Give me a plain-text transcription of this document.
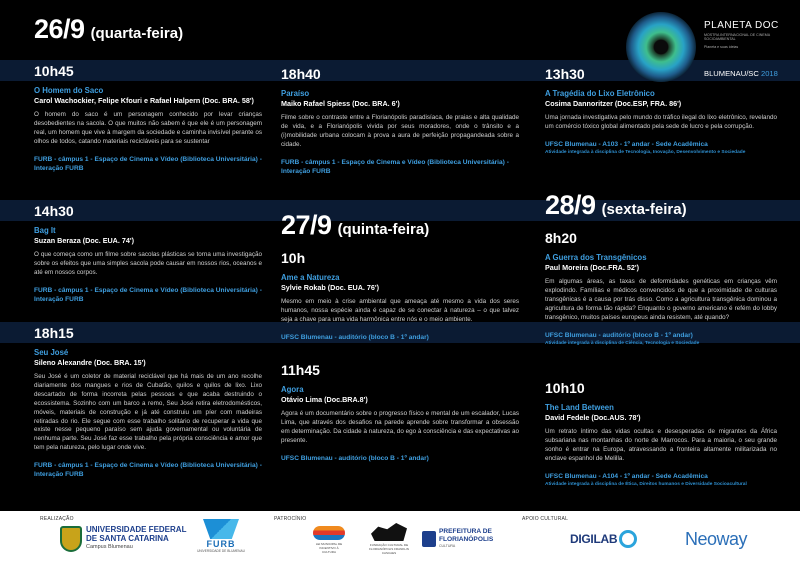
26/9 (quarta-feira)
27/9 (quinta-feira)
28/9 (sexta-feira)
10h45
O Homem do Saco
Carol Wachockier, Felipe Kfouri e Rafael Halpern (Doc. BRA. 58')
O homem do saco é um personagem conhecido por levar crianças desobedientes na sacola. O que muitos não sabem é que ele é um personagem real, um homem que vive à margem da sociedade e caminha invisível perante os olhos de todos, catando materiais recicláveis para se sustentar
FURB - câmpus 1 - Espaço de Cinema e Vídeo (Biblioteca Universitária) - Interação FURB
14h30
Bag It
Suzan Beraza (Doc. EUA. 74')
O que começa como um filme sobre sacolas plásticas se torna uma investigação sobre os efeitos que uma simples sacola pode causar em nossos rios, oceanos e até em nossos corpos.
FURB - câmpus 1 - Espaço de Cinema e Vídeo (Biblioteca Universitária) - Interação FURB
18h15
Seu José
Sileno Alexandre (Doc. BRA. 15')
Seu José é um coletor de material reciclável que há mais de um ano recolhe diariamente dos mangues e rios de Cubatão, quilos e quilos de lixo. Lixo descartado de forma incorreta pelas pessoas e que acaba destruindo o ecossistema. Sozinho com um barco a remo, Seu José retira eletrodomésticos, móveis, materiais de construção e já até construiu um píer com madeiras retiradas do rio. Ele segue com esse trabalho solitário de recuperar a vida que existe nesse pequeno paraíso sem ajuda governamental ou voluntária de nenhuma parte. Seu José faz esse trabalho pela própria consciência e amor que tem pela natureza, pelo lugar onde vive.
FURB - câmpus 1 - Espaço de Cinema e Vídeo (Biblioteca Universitária) - Interação FURB
18h40
Paraíso
Maiko Rafael Spiess (Doc. BRA. 6')
Filme sobre o contraste entre a Florianópolis paradisíaca, de praias e alta qualidade de vida, e a Florianópolis vivida por seus moradores, onde o trânsito e a (i)mobilidade urbana colocam à prova a aura de perfeição propagandeada sobre a cidade.
FURB - câmpus 1 - Espaço de Cinema e Vídeo (Biblioteca Universitária) - Interação FURB
10h
Ame a Natureza
Sylvie Rokab (Doc. EUA. 76')
Mesmo em meio à crise ambiental que ameaça até mesmo a vida dos seres humanos, nossa espécie ainda é capaz de se conectar à natureza – o que talvez seja a chave para uma vida harmônica entre nós e o meio ambiente.
UFSC Blumenau - auditório (bloco B - 1º andar)
11h45
Agora
Otávio Lima (Doc.BRA.8')
Agora é um documentário sobre o progresso físico e mental de um escalador, Lucas Lima, que através dos desafios na parede aprende sobre transformar a obsessão em determinação. Da cidade à natureza, do ego à consciência e das expectativas ao presente.
UFSC Blumenau - auditório (bloco B - 1º andar)
13h30
A Tragédia do Lixo Eletrônico
Cosima Dannoritzer (Doc.ESP, FRA. 86')
Uma jornada investigativa pelo mundo do tráfico ilegal do lixo eletrônico, revelando um comércio tóxico global alimentado pela sede de lucro e pela corrupção.
UFSC Blumenau - A103 - 1º andar - Sede Acadêmica
Atividade integrada à disciplina de Tecnologia, Inovação, Desenvolvimento e Sociedade
8h20
A Guerra dos Transgênicos
Paul Moreira (Doc.FRA. 52')
Em algumas áreas, as taxas de deformidades genéticas em crianças vêm explodindo. Famílias e médicos convencidos de que a proximidade de culturas transgênicas é a causa por trás disso. Como a agricultura transgênica dominou a agricultura de forma tão rápida? Enquanto o governo americano é refém do lobby transgênico, muitos países europeus ainda resistem, até quando?
UFSC Blumenau - auditório (bloco B - 1º andar)
Atividade integrada à disciplina de Ciência, Tecnologia e Sociedade
10h10
The Land Between
David Fedele (Doc.AUS. 78')
Um retrato íntimo das vidas ocultas e desesperadas de migrantes da África subsariana nas montanhas do norte de Marrocos. Para a maioria, o seu grande sonho é entrar na Europa, atravessando a fronteira altamente militarizada no enclave espanhol de Melilla.
UFSC Blumenau - A104 - 1º andar - Sede Acadêmica
Atividade integrada à disciplina de Ética, Direitos humanos e Diversidade Socioacultural
PLANETA DOC
MOSTRA INTERNACIONAL DE CINEMA SOCIOAMBIENTAL
Planeta e suas ideias
BLUMENAU/SC 2018
REALIZAÇÃO	PATROCÍNIO	APOIO CULTURAL
UNIVERSIDADE FEDERAL
DE SANTA CATARINA
Campus Blumenau	FURB
UNIVERSIDADE DE BLUMENAU
LEI MUNICIPAL DE INCENTIVO À CULTURA
FUNDAÇÃO CULTURAL DE FLORIANÓPOLIS FRANKLIN CASCAES
PREFEITURA DE
FLORIANÓPOLIS
CULTURA	DIGILAB	Neoway
